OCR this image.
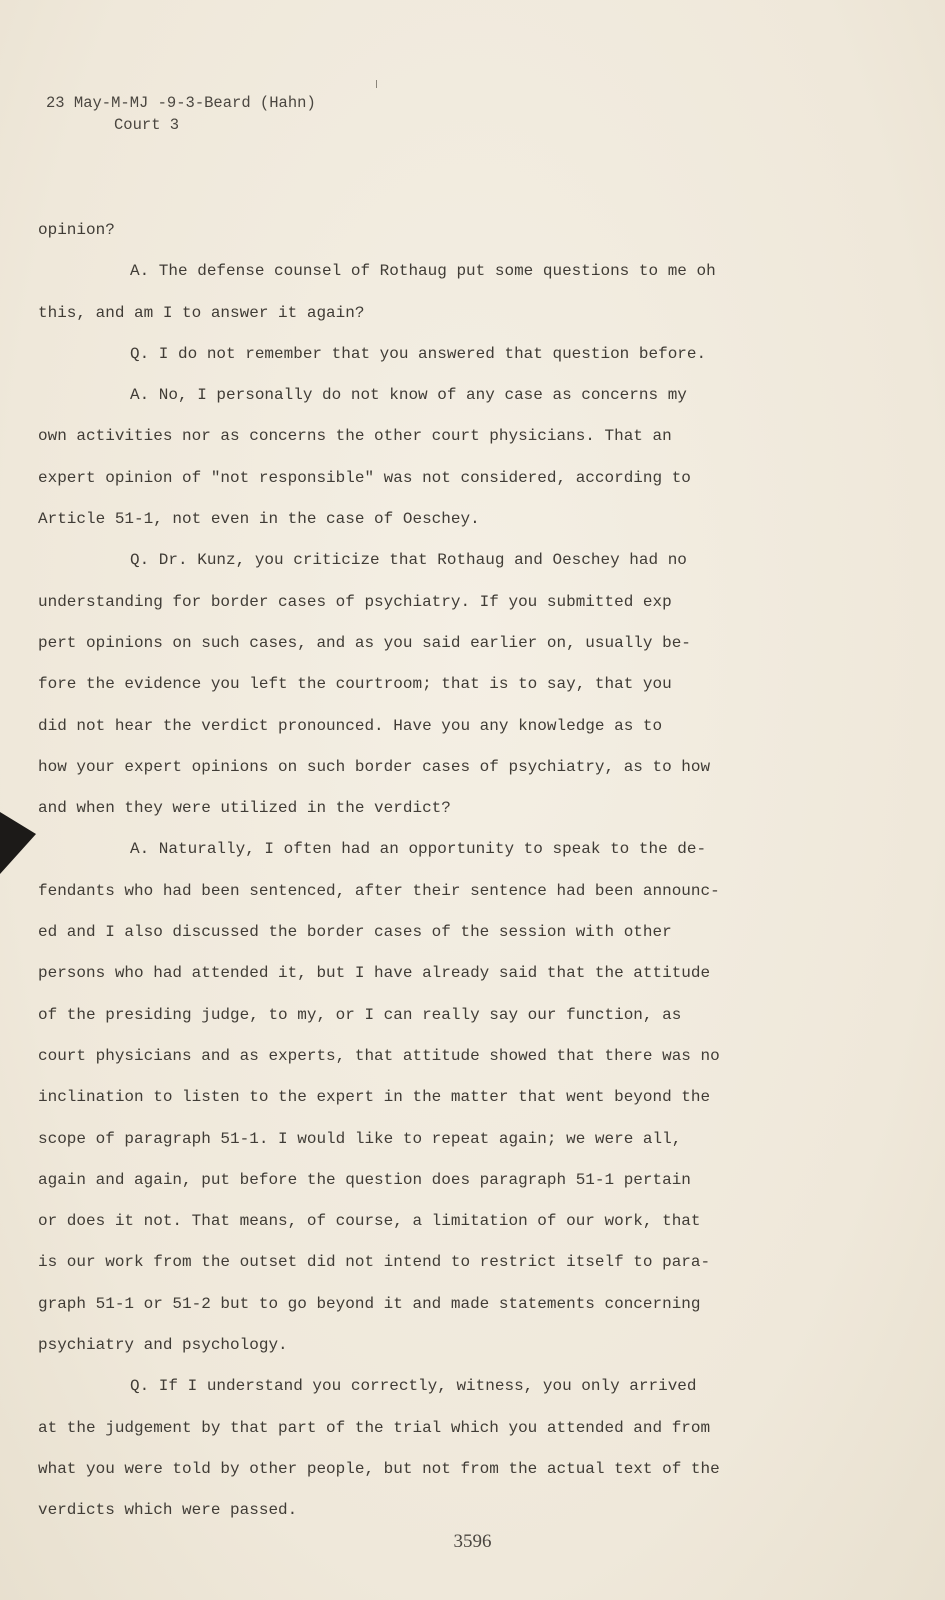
23 May-M-MJ -9-3-Beard (Hahn)
Court 3

opinion?

A. The defense counsel of Rothaug put some questions to me oh
this, and am I to answer it again?

Q. I do not remember that you answered that question before.

A. No, I personally do not know of any case as concerns my
own activities nor as concerns the other court physicians. That an
expert opinion of "not responsible" was not considered, according to
Article 51-1, not even in the case of Oeschey.

Q. Dr. Kunz, you criticize that Rothaug and Oeschey had no
understanding for border cases of psychiatry. If you submitted exp
pert opinions on such cases, and as you said earlier on, usually be-
fore the evidence you left the courtroom; that is to say, that you
did not hear the verdict pronounced. Have you any knowledge as to
how your expert opinions on such border cases of psychiatry, as to how
and when they were utilized in the verdict?

A. Naturally, I often had an opportunity to speak to the de-
fendants who had been sentenced, after their sentence had been announc-
ed and I also discussed the border cases of the session with other
persons who had attended it, but I have already said that the attitude
of the presiding judge, to my, or I can really say our function, as
court physicians and as experts, that attitude showed that there was no
inclination to listen to the expert in the matter that went beyond the
scope of paragraph 51-1. I would like to repeat again; we were all,
again and again, put before the question does paragraph 51-1 pertain
or does it not. That means, of course, a limitation of our work, that
is our work from the outset did not intend to restrict itself to para-
graph 51-1 or 51-2 but to go beyond it and made statements concerning
psychiatry and psychology.

Q. If I understand you correctly, witness, you only arrived
at the judgement by that part of the trial which you attended and from
what you were told by other people, but not from the actual text of the
verdicts which were passed.

3596
